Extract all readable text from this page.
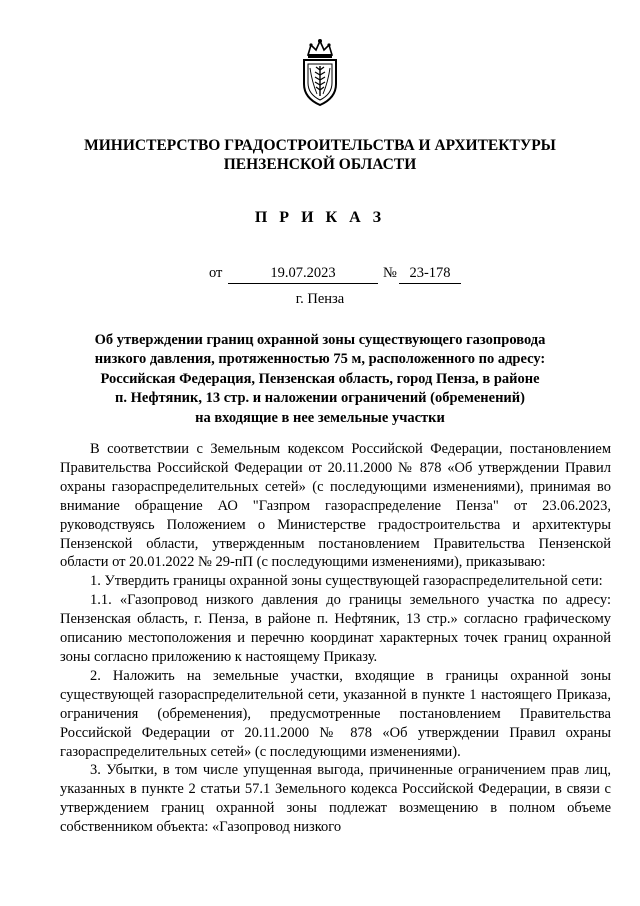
МИНИСТЕРСТВО ГРАДОСТРОИТЕЛЬСТВА И АРХИТЕКТУРЫ
ПЕНЗЕНСКОЙ ОБЛАСТИ
П Р И К А З
от	19.07.2023	№ 23-178
г. Пенза
Об утверждении границ охранной зоны существующего газопровода
низкого давления, протяженностью 75 м, расположенного по адресу:
Российская Федерация, Пензенская область, город Пенза, в районе
п. Нефтяник, 13 стр. и наложении ограничений (обременений)
на входящие в нее земельные участки

В соответствии с Земельным кодексом Российской Федерации, постановлением Правительства Российской Федерации от 20.11.2000 № 878 «Об утверждении Правил охраны газораспределительных сетей» (с последующими изменениями), принимая во внимание обращение АО "Газпром газораспределение Пенза" от 23.06.2023, руководствуясь Положением о Министерстве градостроительства и архитектуры Пензенской области, утвержденным постановлением Правительства Пензенской области от 20.01.2022 № 29-пП (с последующими изменениями), приказываю:

1. Утвердить границы охранной зоны существующей газораспределительной сети:

1.1. «Газопровод низкого давления до границы земельного участка по адресу: Пензенская область, г. Пенза, в районе п. Нефтяник, 13 стр.» согласно графическому описанию местоположения и перечню координат характерных точек границ охранной зоны согласно приложению к настоящему Приказу.

2. Наложить на земельные участки, входящие в границы охранной зоны существующей газораспределительной сети, указанной в пункте 1 настоящего Приказа, ограничения (обременения), предусмотренные постановлением Правительства Российской Федерации от 20.11.2000 № 878 «Об утверждении Правил охраны газораспределительных сетей» (с последующими изменениями).

3. Убытки, в том числе упущенная выгода, причиненные ограничением прав лиц, указанных в пункте 2 статьи 57.1 Земельного кодекса Российской Федерации, в связи с утверждением границ охранной зоны подлежат возмещению в полном объеме собственником объекта: «Газопровод низкого
